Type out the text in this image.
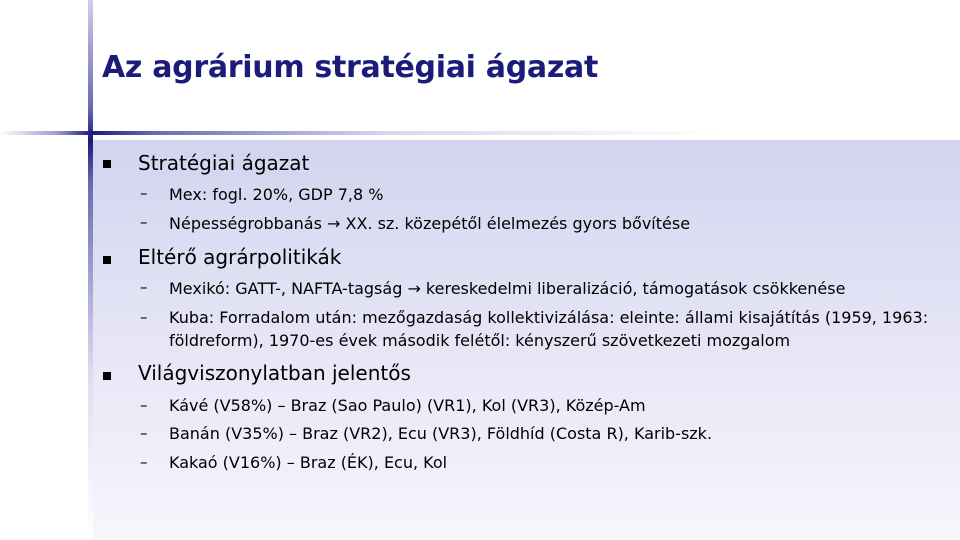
Az agrárium stratégiai ágazat
Stratégiai ágazat
– Mex: fogl. 20%, GDP 7,8 %
– Népességrobbanás → XX. sz. közepétől élelmezés gyors bővítése
Eltérő agrárpolitikák
– Mexikó: GATT-, NAFTA-tagság → kereskedelmi liberalizáció, támogatások csökkenése
– Kuba: Forradalom után: mezőgazdaság kollektivizálása: eleinte: állami kisajátítás (1959, 1963: földreform), 1970-es évek második felétől: kényszerű szövetkezeti mozgalom
Világviszonylatban jelentős
– Kávé (V58%) – Braz (Sao Paulo) (VR1), Kol (VR3), Közép-Am
– Banán (V35%) – Braz (VR2), Ecu (VR3), Földhíd (Costa R), Karib-szk.
– Kakaó (V16%) – Braz (ÉK), Ecu, Kol
